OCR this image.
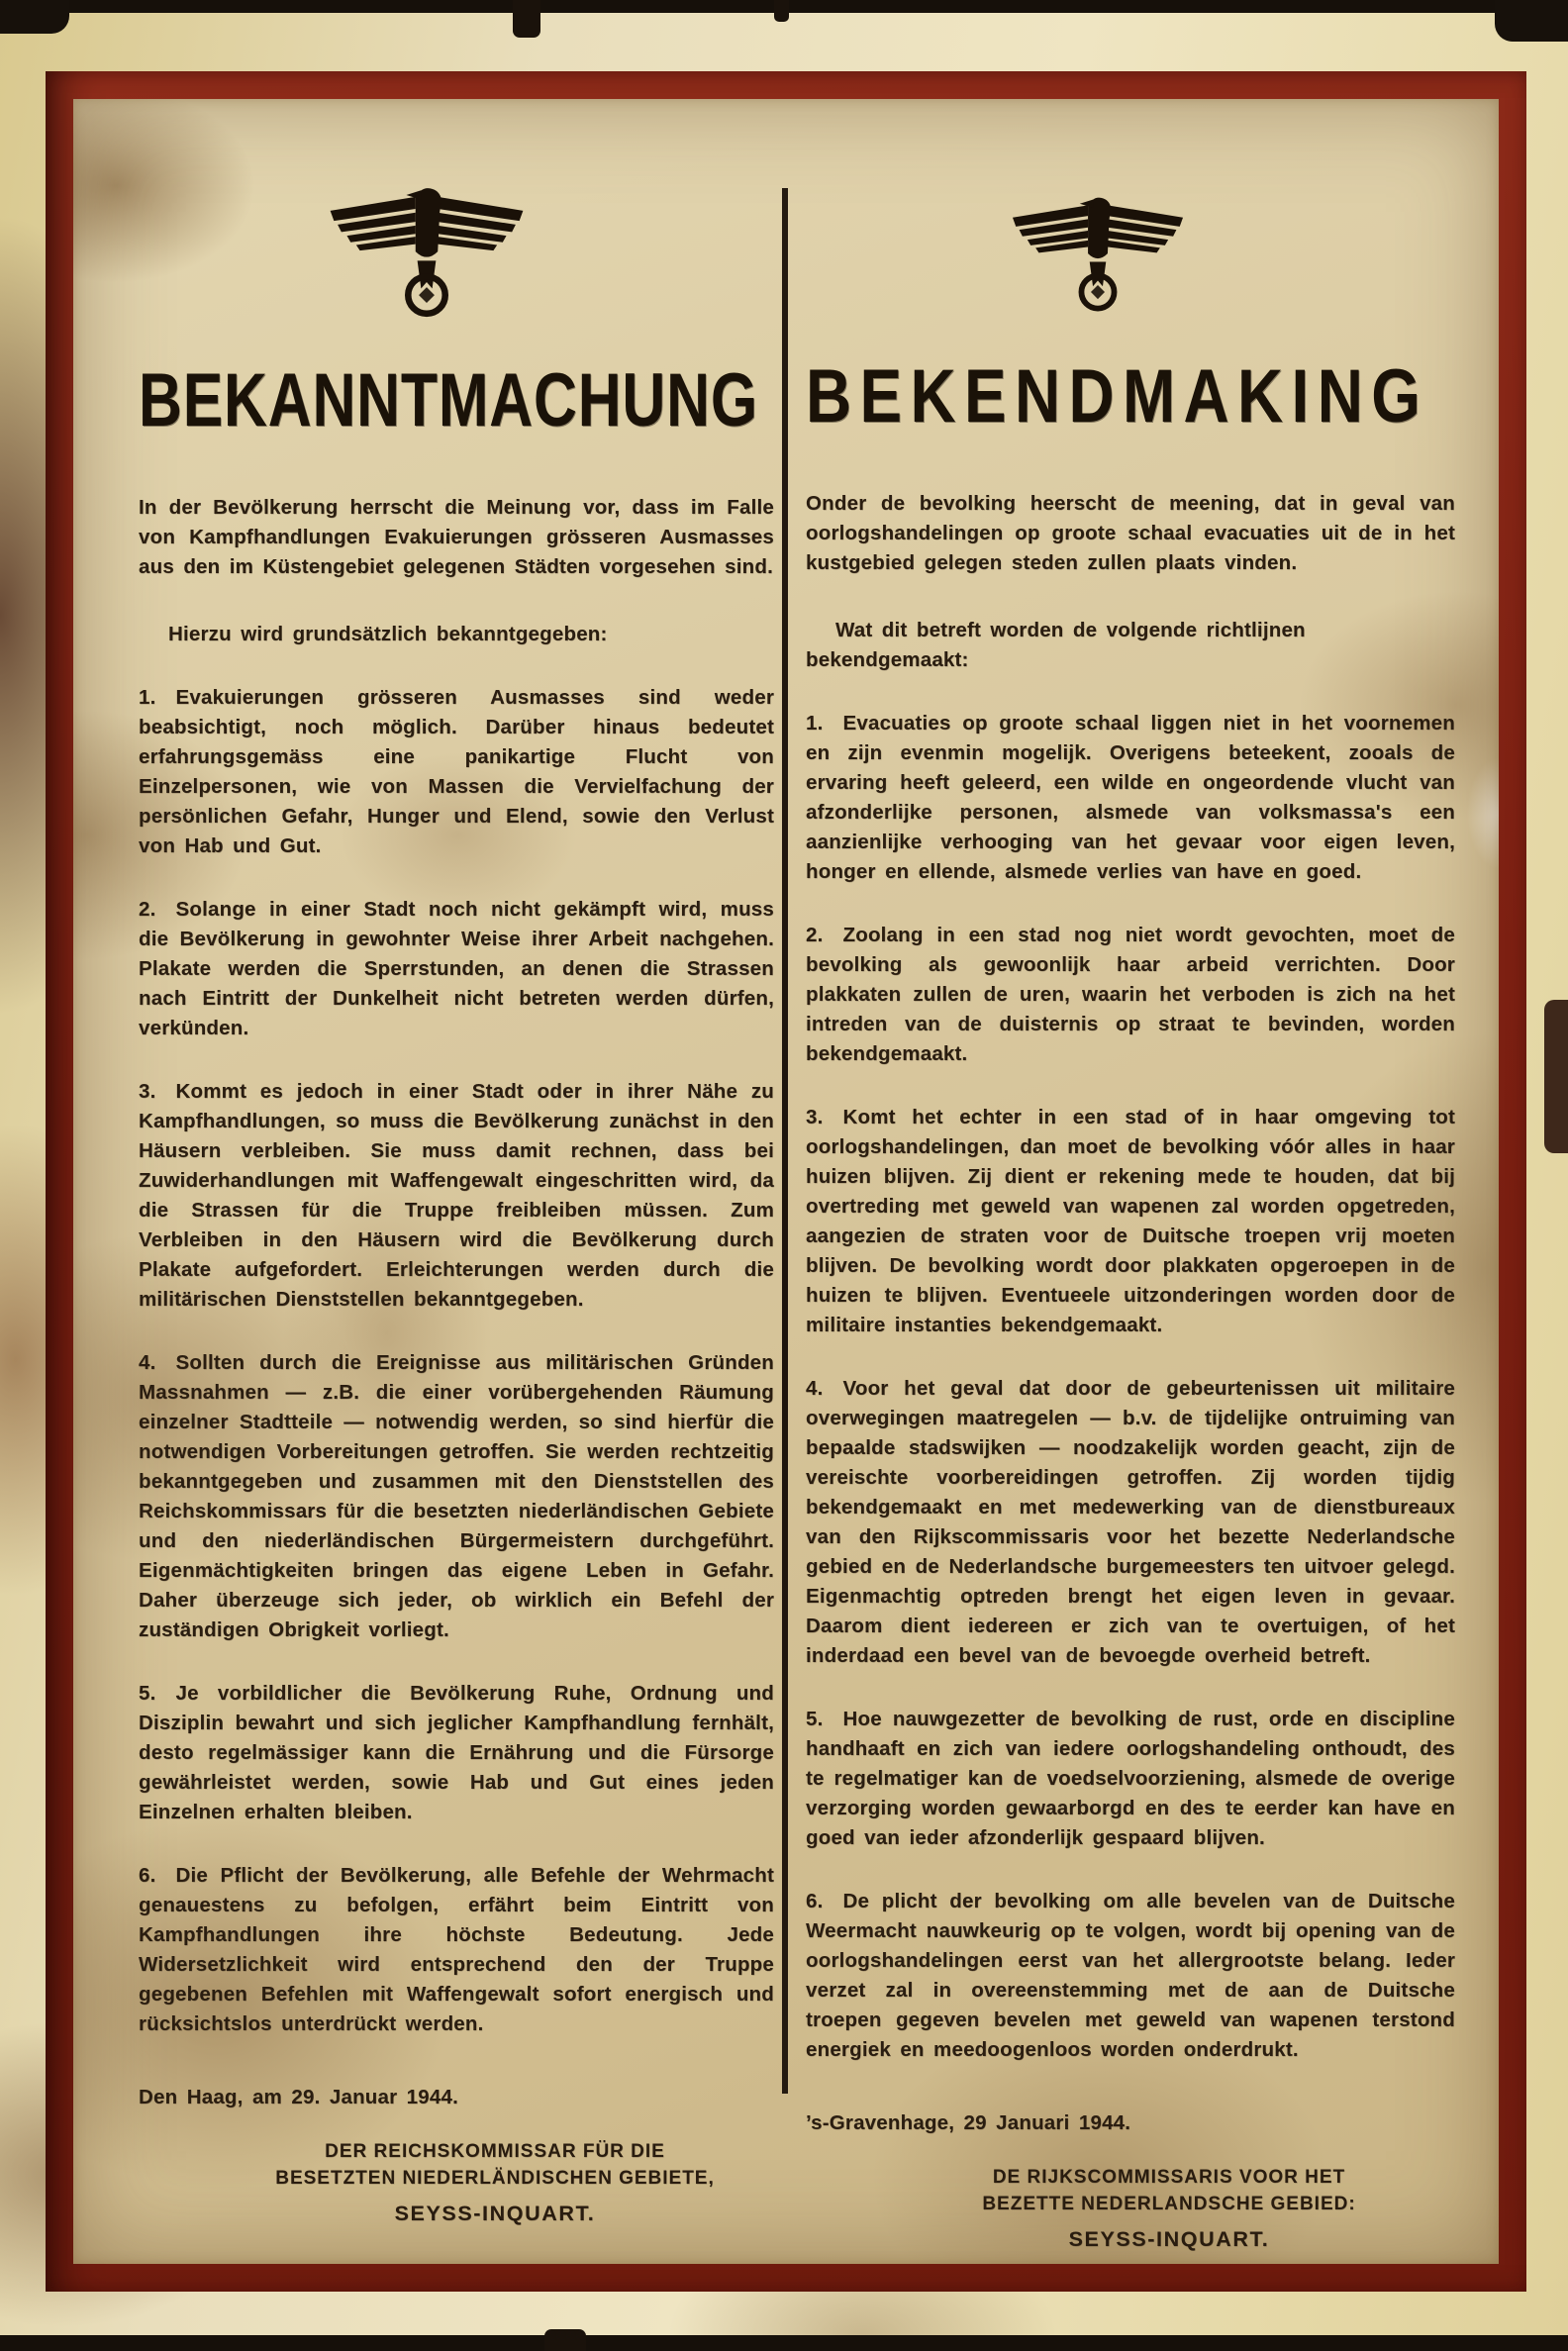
BEKANNTMACHUNG

In der Bevölkerung herrscht die Meinung vor, dass im Falle von Kampfhandlungen Evakuierungen grösseren Ausmasses aus den im Küstengebiet gelegenen Städten vorgesehen sind.

Hierzu wird grundsätzlich bekanntgegeben:

1. Evakuierungen grösseren Ausmasses sind weder beabsichtigt, noch möglich. Darüber hinaus bedeutet erfahrungsgemäss eine panikartige Flucht von Einzelpersonen, wie von Massen die Vervielfachung der persönlichen Gefahr, Hunger und Elend, sowie den Verlust von Hab und Gut.

2. Solange in einer Stadt noch nicht gekämpft wird, muss die Bevölkerung in gewohnter Weise ihrer Arbeit nachgehen. Plakate werden die Sperrstunden, an denen die Strassen nach Eintritt der Dunkelheit nicht betreten werden dürfen, verkünden.

3. Kommt es jedoch in einer Stadt oder in ihrer Nähe zu Kampfhandlungen, so muss die Bevölkerung zunächst in den Häusern verbleiben. Sie muss damit rechnen, dass bei Zuwiderhandlungen mit Waffengewalt eingeschritten wird, da die Strassen für die Truppe freibleiben müssen. Zum Verbleiben in den Häusern wird die Bevölkerung durch Plakate aufgefordert. Erleichterungen werden durch die militärischen Dienststellen bekanntgegeben.

4. Sollten durch die Ereignisse aus militärischen Gründen Massnahmen — z.B. die einer vorübergehenden Räumung einzelner Stadtteile — notwendig werden, so sind hierfür die notwendigen Vorbereitungen getroffen. Sie werden rechtzeitig bekanntgegeben und zusammen mit den Dienststellen des Reichskommissars für die besetzten niederländischen Gebiete und den niederländischen Bürgermeistern durchgeführt. Eigenmächtigkeiten bringen das eigene Leben in Gefahr. Daher überzeuge sich jeder, ob wirklich ein Befehl der zuständigen Obrigkeit vorliegt.

5. Je vorbildlicher die Bevölkerung Ruhe, Ordnung und Disziplin bewahrt und sich jeglicher Kampfhandlung fernhält, desto regelmässiger kann die Ernährung und die Fürsorge gewährleistet werden, sowie Hab und Gut eines jeden Einzelnen erhalten bleiben.

6. Die Pflicht der Bevölkerung, alle Befehle der Wehrmacht genauestens zu befolgen, erfährt beim Eintritt von Kampfhandlungen ihre höchste Bedeutung. Jede Widersetzlichkeit wird entsprechend den der Truppe gegebenen Befehlen mit Waffengewalt sofort energisch und rücksichtslos unterdrückt werden.

Den Haag, am 29. Januar 1944.

DER REICHSKOMMISSAR FÜR DIE
BESETZTEN NIEDERLÄNDISCHEN GEBIETE,
SEYSS-INQUART.
BEKENDMAKING

Onder de bevolking heerscht de meening, dat in geval van oorlogshandelingen op groote schaal evacuaties uit de in het kustgebied gelegen steden zullen plaats vinden.

Wat dit betreft worden de volgende richtlijnen bekendgemaakt:

1. Evacuaties op groote schaal liggen niet in het voornemen en zijn evenmin mogelijk. Overigens beteekent, zooals de ervaring heeft geleerd, een wilde en ongeordende vlucht van afzonderlijke personen, alsmede van volksmassa's een aanzienlijke verhooging van het gevaar voor eigen leven, honger en ellende, alsmede verlies van have en goed.

2. Zoolang in een stad nog niet wordt gevochten, moet de bevolking als gewoonlijk haar arbeid verrichten. Door plakkaten zullen de uren, waarin het verboden is zich na het intreden van de duisternis op straat te bevinden, worden bekendgemaakt.

3. Komt het echter in een stad of in haar omgeving tot oorlogshandelingen, dan moet de bevolking vóór alles in haar huizen blijven. Zij dient er rekening mede te houden, dat bij overtreding met geweld van wapenen zal worden opgetreden, aangezien de straten voor de Duitsche troepen vrij moeten blijven. De bevolking wordt door plakkaten opgeroepen in de huizen te blijven. Eventueele uitzonderingen worden door de militaire instanties bekendgemaakt.

4. Voor het geval dat door de gebeurtenissen uit militaire overwegingen maatregelen — b.v. de tijdelijke ontruiming van bepaalde stadswijken — noodzakelijk worden geacht, zijn de vereischte voorbereidingen getroffen. Zij worden tijdig bekendgemaakt en met medewerking van de dienstbureaux van den Rijkscommissaris voor het bezette Nederlandsche gebied en de Nederlandsche burgemeesters ten uitvoer gelegd. Eigenmachtig optreden brengt het eigen leven in gevaar. Daarom dient iedereen er zich van te overtuigen, of het inderdaad een bevel van de bevoegde overheid betreft.

5. Hoe nauwgezetter de bevolking de rust, orde en discipline handhaaft en zich van iedere oorlogshandeling onthoudt, des te regelmatiger kan de voedselvoorziening, alsmede de overige verzorging worden gewaarborgd en des te eerder kan have en goed van ieder afzonderlijk gespaard blijven.

6. De plicht der bevolking om alle bevelen van de Duitsche Weermacht nauwkeurig op te volgen, wordt bij opening van de oorlogshandelingen eerst van het allergrootste belang. Ieder verzet zal in overeenstemming met de aan de Duitsche troepen gegeven bevelen met geweld van wapenen terstond energiek en meedoogenloos worden onderdrukt.

’s-Gravenhage, 29 Januari 1944.

DE RIJKSCOMMISSARIS VOOR HET
BEZETTE NEDERLANDSCHE GEBIED:
SEYSS-INQUART.
